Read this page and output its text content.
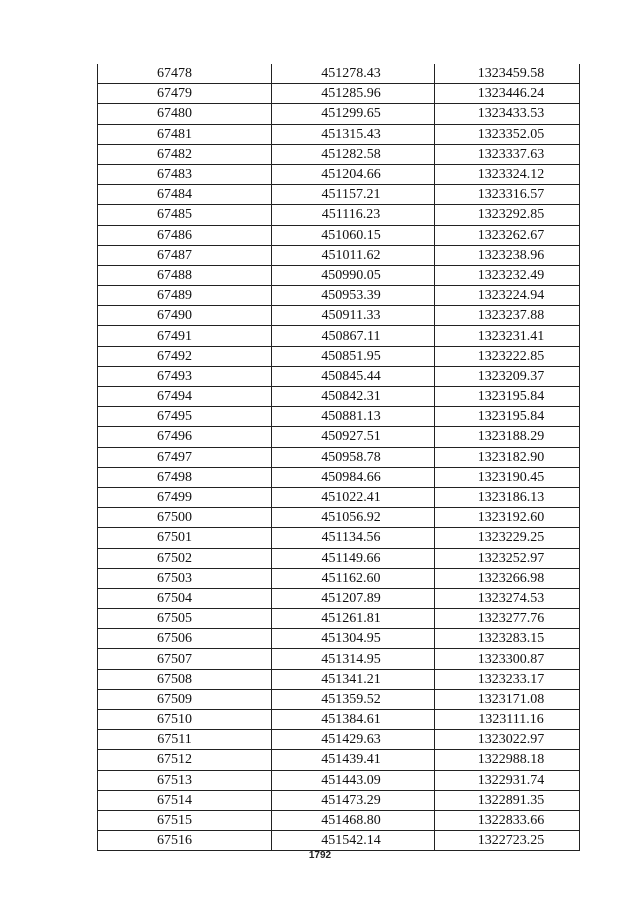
67478	451278.43	1323459.58
67479	451285.96	1323446.24
67480	451299.65	1323433.53
67481	451315.43	1323352.05
67482	451282.58	1323337.63
67483	451204.66	1323324.12
67484	451157.21	1323316.57
67485	451116.23	1323292.85
67486	451060.15	1323262.67
67487	451011.62	1323238.96
67488	450990.05	1323232.49
67489	450953.39	1323224.94
67490	450911.33	1323237.88
67491	450867.11	1323231.41
67492	450851.95	1323222.85
67493	450845.44	1323209.37
67494	450842.31	1323195.84
67495	450881.13	1323195.84
67496	450927.51	1323188.29
67497	450958.78	1323182.90
67498	450984.66	1323190.45
67499	451022.41	1323186.13
67500	451056.92	1323192.60
67501	451134.56	1323229.25
67502	451149.66	1323252.97
67503	451162.60	1323266.98
67504	451207.89	1323274.53
67505	451261.81	1323277.76
67506	451304.95	1323283.15
67507	451314.95	1323300.87
67508	451341.21	1323233.17
67509	451359.52	1323171.08
67510	451384.61	1323111.16
67511	451429.63	1323022.97
67512	451439.41	1322988.18
67513	451443.09	1322931.74
67514	451473.29	1322891.35
67515	451468.80	1322833.66
67516	451542.14	1322723.25
1792
